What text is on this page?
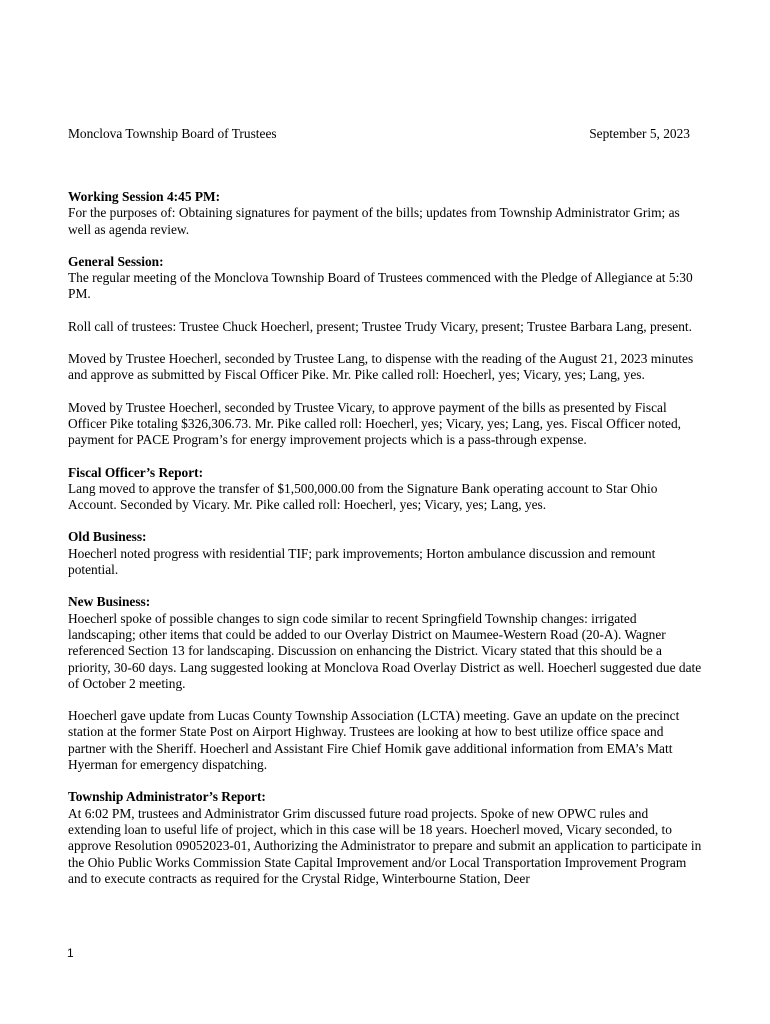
Monclova Township Board of Trustees	September 5, 2023

Working Session 4:45 PM:

For the purposes of: Obtaining signatures for payment of the bills; updates from Township Administrator Grim; as well as agenda review.

General Session:

The regular meeting of the Monclova Township Board of Trustees commenced with the Pledge of Allegiance at 5:30 PM.

Roll call of trustees: Trustee Chuck Hoecherl, present; Trustee Trudy Vicary, present; Trustee Barbara Lang, present.

Moved by Trustee Hoecherl, seconded by Trustee Lang, to dispense with the reading of the August 21, 2023 minutes and approve as submitted by Fiscal Officer Pike. Mr. Pike called roll: Hoecherl, yes; Vicary, yes; Lang, yes.

Moved by Trustee Hoecherl, seconded by Trustee Vicary, to approve payment of the bills as presented by Fiscal Officer Pike totaling $326,306.73. Mr. Pike called roll: Hoecherl, yes; Vicary, yes; Lang, yes. Fiscal Officer noted, payment for PACE Program’s for energy improvement projects which is a pass-through expense.

Fiscal Officer’s Report:

Lang moved to approve the transfer of $1,500,000.00 from the Signature Bank operating account to Star Ohio Account. Seconded by Vicary. Mr. Pike called roll: Hoecherl, yes; Vicary, yes; Lang, yes.

Old Business:

Hoecherl noted progress with residential TIF; park improvements; Horton ambulance discussion and remount potential.

New Business:

Hoecherl spoke of possible changes to sign code similar to recent Springfield Township changes: irrigated landscaping; other items that could be added to our Overlay District on Maumee-Western Road (20-A). Wagner referenced Section 13 for landscaping. Discussion on enhancing the District. Vicary stated that this should be a priority, 30-60 days. Lang suggested looking at Monclova Road Overlay District as well. Hoecherl suggested due date of October 2 meeting.

Hoecherl gave update from Lucas County Township Association (LCTA) meeting. Gave an update on the precinct station at the former State Post on Airport Highway. Trustees are looking at how to best utilize office space and partner with the Sheriff. Hoecherl and Assistant Fire Chief Homik gave additional information from EMA’s Matt Hyerman for emergency dispatching.

Township Administrator’s Report:

At 6:02 PM, trustees and Administrator Grim discussed future road projects. Spoke of new OPWC rules and extending loan to useful life of project, which in this case will be 18 years. Hoecherl moved, Vicary seconded, to approve Resolution 09052023-01, Authorizing the Administrator to prepare and submit an application to participate in the Ohio Public Works Commission State Capital Improvement and/or Local Transportation Improvement Program and to execute contracts as required for the Crystal Ridge, Winterbourne Station, Deer

1
